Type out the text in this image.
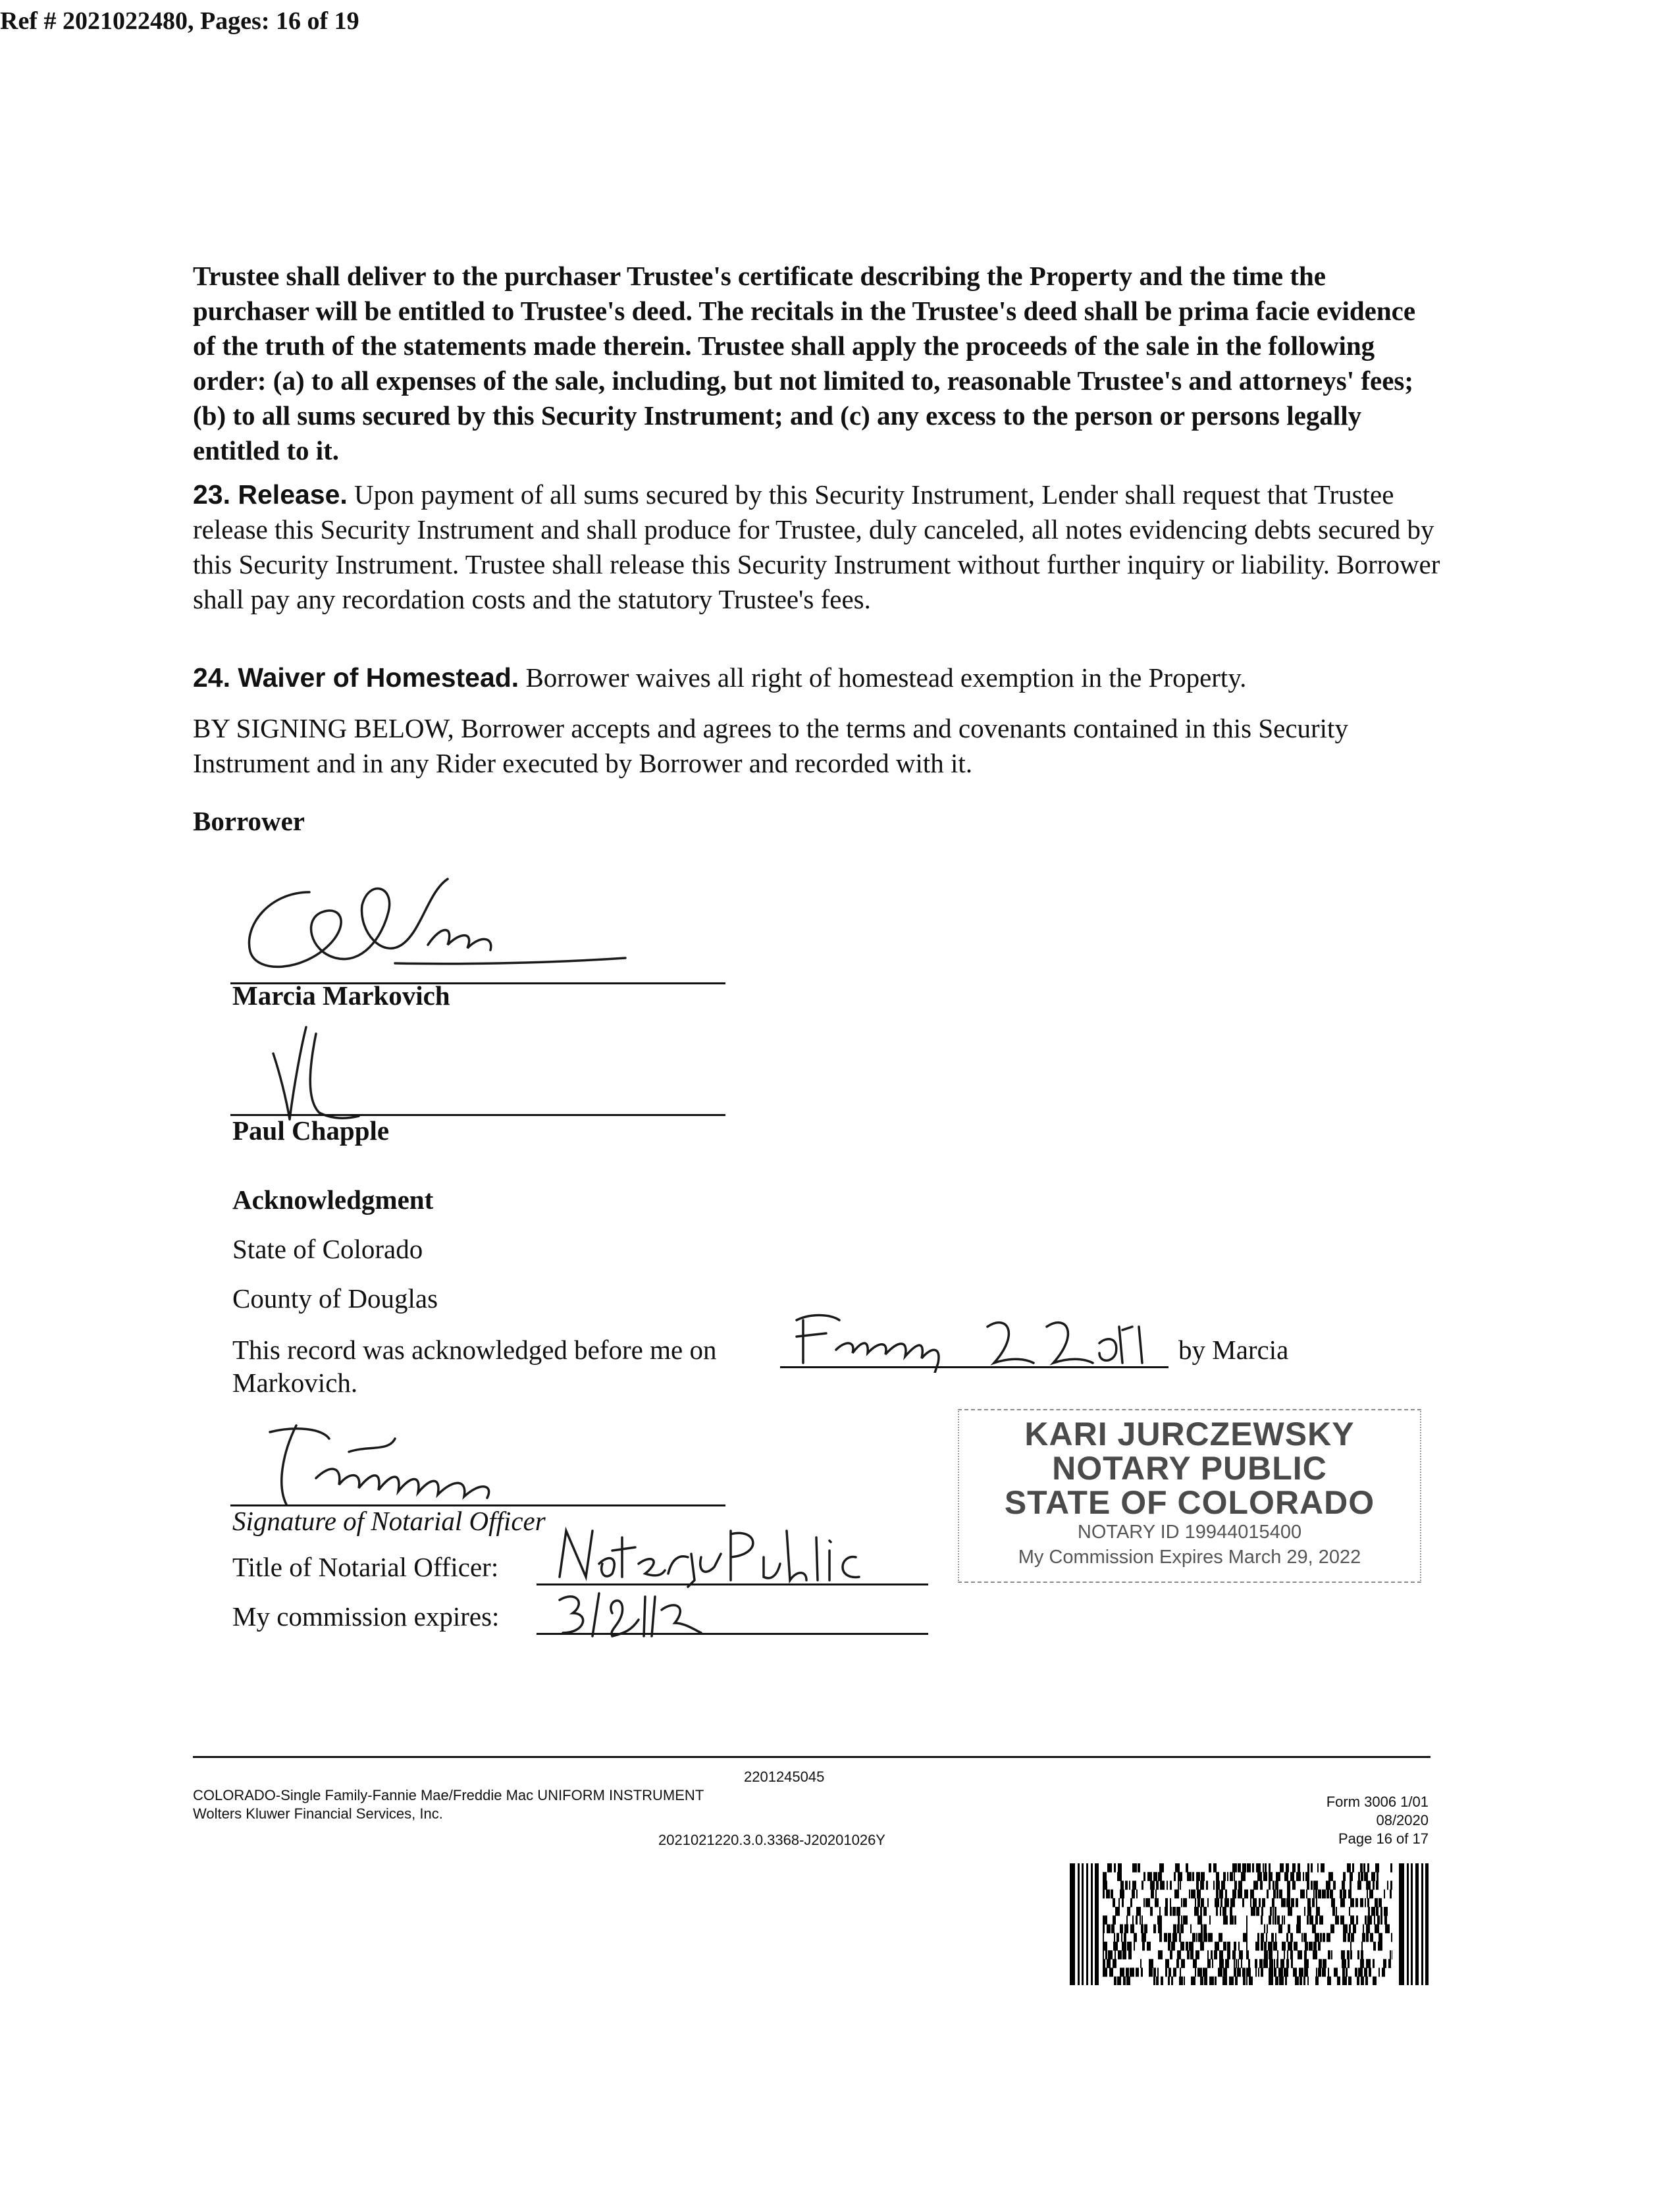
Ref # 2021022480, Pages: 16 of 19

Trustee shall deliver to the purchaser Trustee's certificate describing the Property and the time the purchaser will be entitled to Trustee's deed. The recitals in the Trustee's deed shall be prima facie evidence of the truth of the statements made therein. Trustee shall apply the proceeds of the sale in the following order: (a) to all expenses of the sale, including, but not limited to, reasonable Trustee's and attorneys' fees; (b) to all sums secured by this Security Instrument; and (c) any excess to the person or persons legally entitled to it.

23. Release. Upon payment of all sums secured by this Security Instrument, Lender shall request that Trustee release this Security Instrument and shall produce for Trustee, duly canceled, all notes evidencing debts secured by this Security Instrument. Trustee shall release this Security Instrument without further inquiry or liability. Borrower shall pay any recordation costs and the statutory Trustee's fees.

24. Waiver of Homestead. Borrower waives all right of homestead exemption in the Property.

BY SIGNING BELOW, Borrower accepts and agrees to the terms and covenants contained in this Security Instrument and in any Rider executed by Borrower and recorded with it.

Borrower
Marcia Markovich
Paul Chapple
Acknowledgment
State of Colorado
County of Douglas
This record was acknowledged before me on	by Marcia
Markovich.
Signature of Notarial Officer
Title of Notarial Officer:
My commission expires:
KARI JURCZEWSKY
NOTARY PUBLIC
STATE OF COLORADO
NOTARY ID 19944015400
My Commission Expires March 29, 2022
2201245045
COLORADO-Single Family-Fannie Mae/Freddie Mac UNIFORM INSTRUMENT
Wolters Kluwer Financial Services, Inc.
2021021220.3.0.3368-J20201026Y
Form 3006 1/01
08/2020
Page 16 of 17
